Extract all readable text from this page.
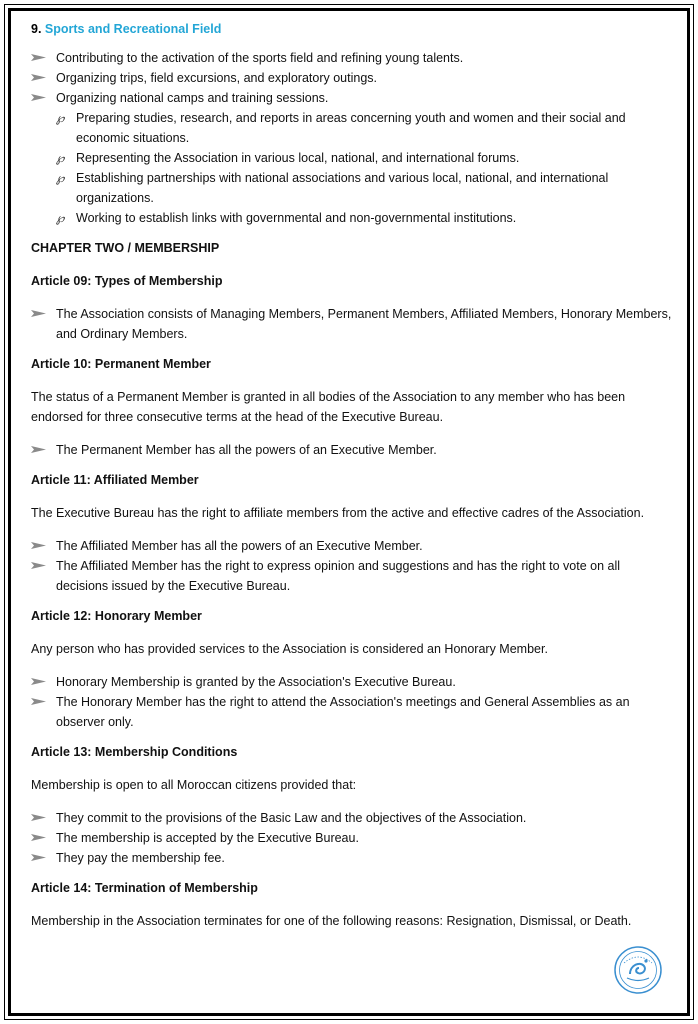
9. Sports and Recreational Field
Contributing to the activation of the sports field and refining young talents.
Organizing trips, field excursions, and exploratory outings.
Organizing national camps and training sessions.
℘ Preparing studies, research, and reports in areas concerning youth and women and their social and economic situations.
℘ Representing the Association in various local, national, and international forums.
℘ Establishing partnerships with national associations and various local, national, and international organizations.
℘ Working to establish links with governmental and non-governmental institutions.
CHAPTER TWO / MEMBERSHIP
Article 09: Types of Membership
The Association consists of Managing Members, Permanent Members, Affiliated Members, Honorary Members, and Ordinary Members.
Article 10: Permanent Member
The status of a Permanent Member is granted in all bodies of the Association to any member who has been endorsed for three consecutive terms at the head of the Executive Bureau.
The Permanent Member has all the powers of an Executive Member.
Article 11: Affiliated Member
The Executive Bureau has the right to affiliate members from the active and effective cadres of the Association.
The Affiliated Member has all the powers of an Executive Member.
The Affiliated Member has the right to express opinion and suggestions and has the right to vote on all decisions issued by the Executive Bureau.
Article 12: Honorary Member
Any person who has provided services to the Association is considered an Honorary Member.
Honorary Membership is granted by the Association's Executive Bureau.
The Honorary Member has the right to attend the Association's meetings and General Assemblies as an observer only.
Article 13: Membership Conditions
Membership is open to all Moroccan citizens provided that:
They commit to the provisions of the Basic Law and the objectives of the Association.
The membership is accepted by the Executive Bureau.
They pay the membership fee.
Article 14: Termination of Membership
Membership in the Association terminates for one of the following reasons: Resignation, Dismissal, or Death.
